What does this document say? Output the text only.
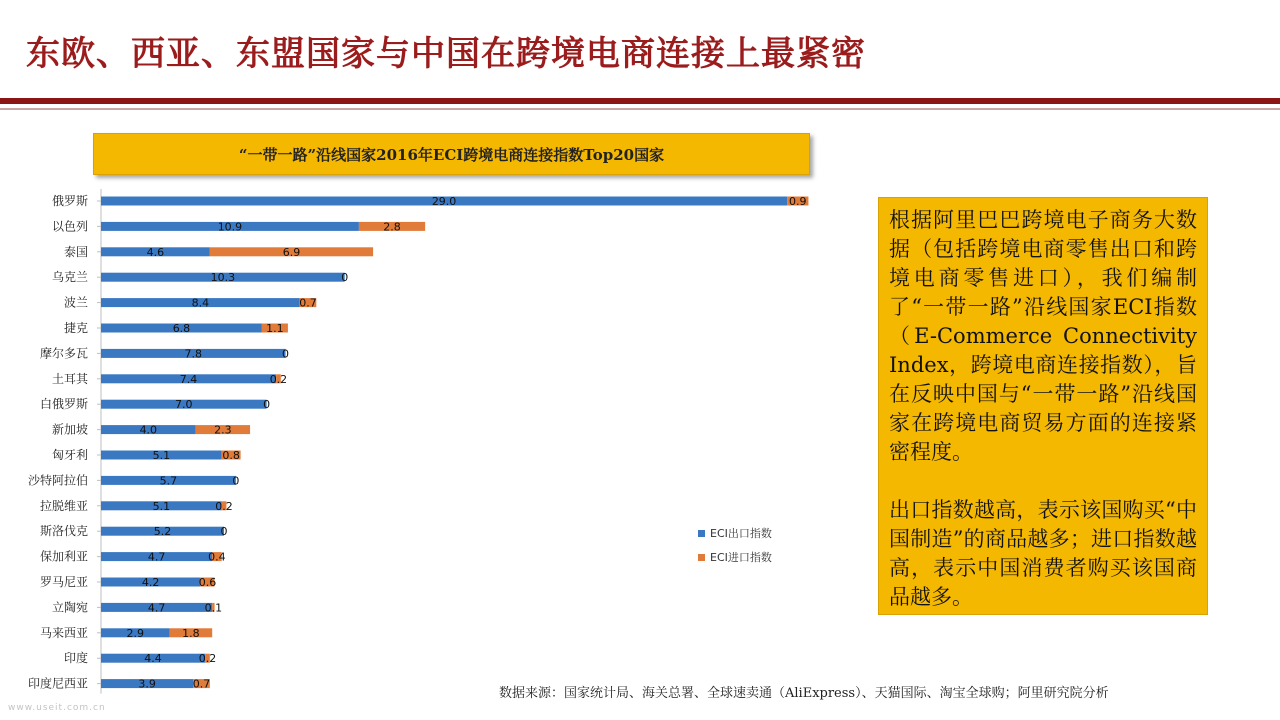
东欧、西亚、东盟国家与中国在跨境电商连接上最紧密
“一带一路”沿线国家2016年ECI跨境电商连接指数Top20国家
俄罗斯	29.0	0.9
以色列	10.9	2.8
泰国	4.6	6.9
乌克兰	10.3	0
波兰	8.4	0.7
捷克	6.8	1.1
摩尔多瓦	7.8	0
土耳其	7.4	0.2
白俄罗斯	7.0	0
新加坡	4.0	2.3
匈牙利	5.1	0.8
沙特阿拉伯	5.7	0
拉脱维亚	5.1	0.2
斯洛伐克	5.2	0
保加利亚	4.7	0.4
罗马尼亚	4.2	0.6
立陶宛	4.7	0.1
马来西亚	2.9	1.8
印度	4.4	0.2
印度尼西亚	3.9	0.7
ECI出口指数
ECI进口指数

根据阿里巴巴跨境电子商务大数据（包括跨境电商零售出口和跨境电商零售进口），我们编制了“一带一路”沿线国家ECI指数（E-Commerce Connectivity Index，跨境电商连接指数），旨在反映中国与“一带一路”沿线国家在跨境电商贸易方面的连接紧密程度。

出口指数越高，表示该国购买“中国制造”的商品越多；进口指数越高，表示中国消费者购买该国商品越多。

数据来源：国家统计局、海关总署、全球速卖通（AliExpress）、天猫国际、淘宝全球购；阿里研究院分析
www.useit.com.cn
